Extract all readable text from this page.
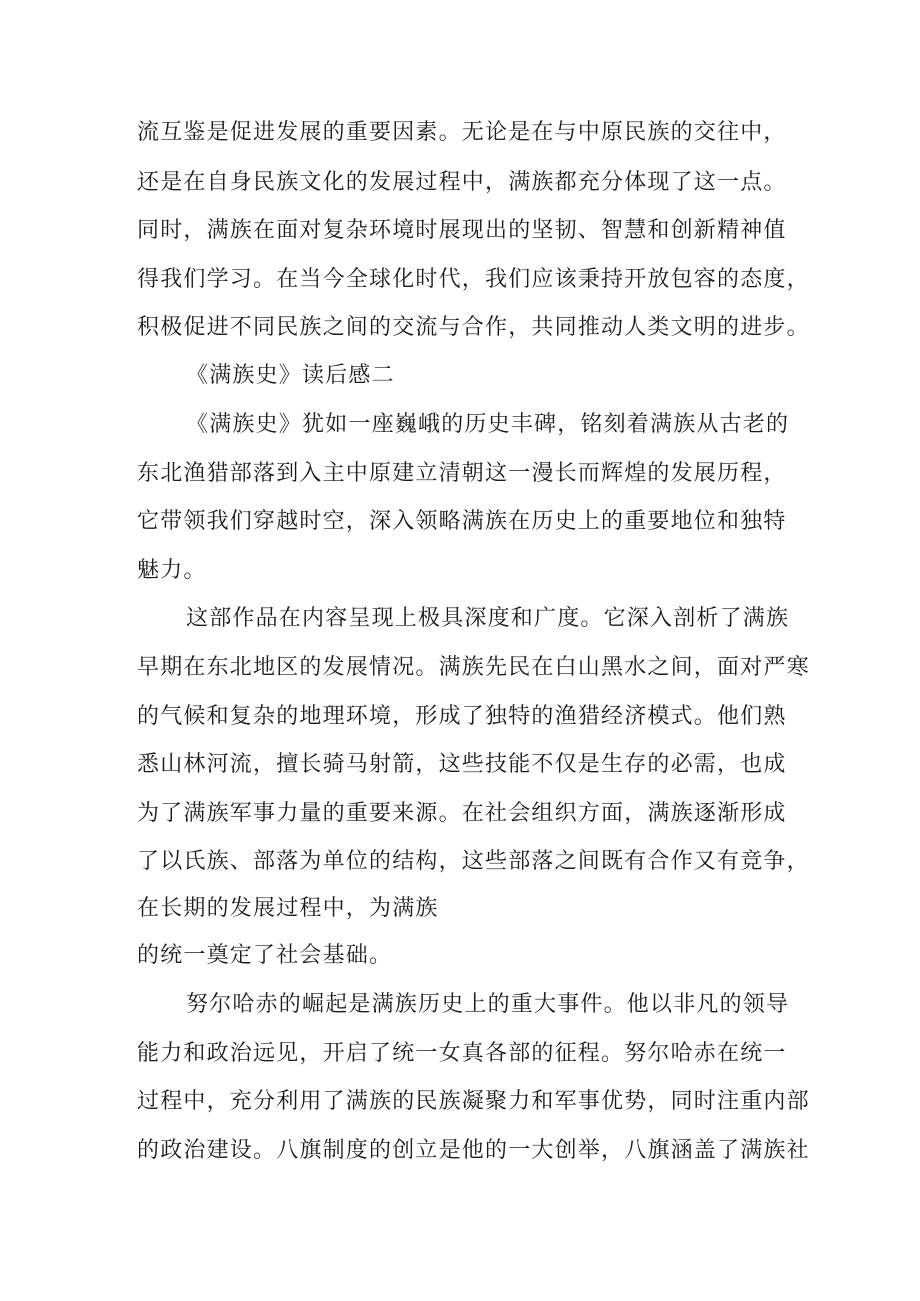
流互鉴是促进发展的重要因素。无论是在与中原民族的交往中，
还是在自身民族文化的发展过程中，满族都充分体现了这一点。
同时，满族在面对复杂环境时展现出的坚韧、智慧和创新精神值
得我们学习。在当今全球化时代，我们应该秉持开放包容的态度，
积极促进不同民族之间的交流与合作，共同推动人类文明的进步。
《满族史》读后感二
《满族史》犹如一座巍峨的历史丰碑，铭刻着满族从古老的
东北渔猎部落到入主中原建立清朝这一漫长而辉煌的发展历程，
它带领我们穿越时空，深入领略满族在历史上的重要地位和独特
魅力。
这部作品在内容呈现上极具深度和广度。它深入剖析了满族
早期在东北地区的发展情况。满族先民在白山黑水之间，面对严寒
的气候和复杂的地理环境，形成了独特的渔猎经济模式。他们熟
悉山林河流，擅长骑马射箭，这些技能不仅是生存的必需，也成
为了满族军事力量的重要来源。在社会组织方面，满族逐渐形成
了以氏族、部落为单位的结构，这些部落之间既有合作又有竞争，
在长期的发展过程中，为满族
的统一奠定了社会基础。
努尔哈赤的崛起是满族历史上的重大事件。他以非凡的领导
能力和政治远见，开启了统一女真各部的征程。努尔哈赤在统一
过程中，充分利用了满族的民族凝聚力和军事优势，同时注重内部
的政治建设。八旗制度的创立是他的一大创举，八旗涵盖了满族社
